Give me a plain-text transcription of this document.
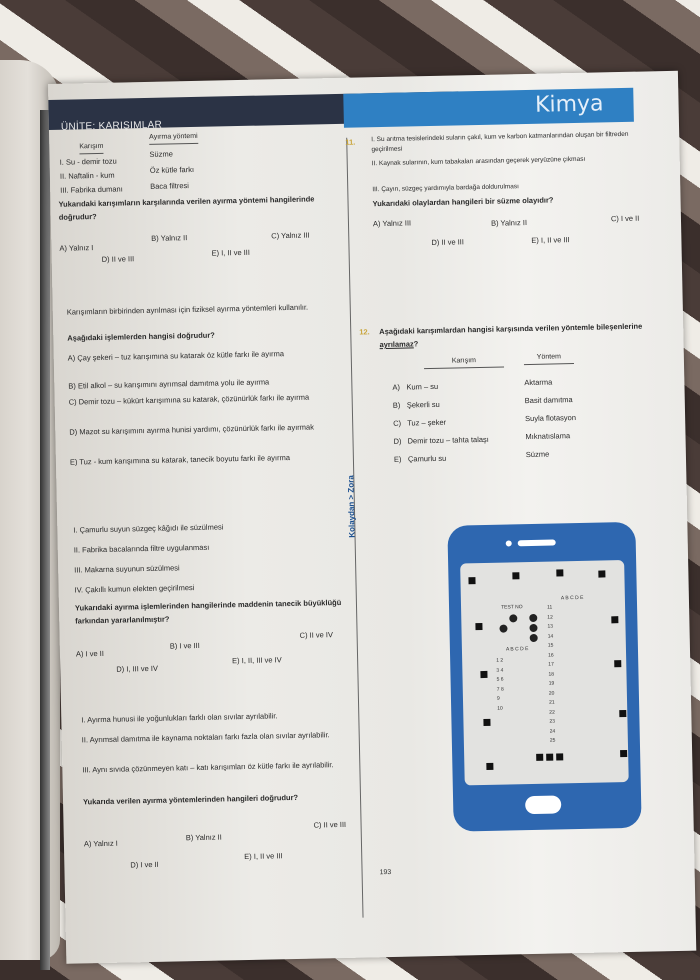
ÜNİTE: KARIŞIMLAR
Kimya
Kolaydan > Zora
Karışım
Ayırma yöntemi
I. Su - demir tozu
Süzme
II. Naftalin - kum
Öz kütle farkı
III. Fabrika dumanı	Baca filtresi
Yukarıdaki karışımların karşılarında verilen ayırma yöntemi hangilerinde doğrudur?
A) Yalnız I
B) Yalnız II	C) Yalnız III
D) II ve III
E) I, II ve III
Karışımların birbirinden ayrılması için fiziksel ayırma yöntemleri kullanılır.
Aşağıdaki işlemlerden hangisi doğrudur?
A) Çay şekeri – tuz karışımına su katarak öz kütle farkı ile ayırma
B) Etil alkol – su karışımını ayrımsal damıtma yolu ile ayırma
C) Demir tozu – kükürt karışımına su katarak, çözünürlük farkı ile ayırma
D) Mazot su karışımını ayırma hunisi yardımı, çözünürlük farkı ile ayırmak
E) Tuz - kum karışımına su katarak, tanecik boyutu farkı ile ayırma
I. Çamurlu suyun süzgeç kâğıdı ile süzülmesi
II. Fabrika bacalarında filtre uygulanması
III. Makarna suyunun süzülmesi
IV. Çakıllı kumun elekten geçirilmesi
Yukarıdaki ayırma işlemlerinden hangilerinde maddenin tanecik büyüklüğü farkından yararlanılmıştır?
A) I ve II
B) I ve III
C) II ve IV
D) I, III ve IV
E) I, II, III ve IV
I. Ayırma hunusi ile yoğunlukları farklı olan sıvılar ayrılabilir.
II. Ayrımsal damıtma ile kaynama noktaları farkı fazla olan sıvılar ayrılabilir.
III. Aynı sıvıda çözünmeyen katı – katı karışımları öz kütle farkı ile ayrılabilir.
Yukarıda verilen ayırma yöntemlerinden hangileri doğrudur?
A) Yalnız I
B) Yalnız II
C) II ve III
D) I ve II
E) I, II ve III
11. I. Su arıtma tesislerindeki suların çakıl, kum ve karbon katmanlarından oluşan bir filtreden geçirilmesi
II. Kaynak sularının, kum tabakaları arasından geçerek yeryüzüne çıkması
III. Çayın, süzgeç yardımıyla bardağa doldurulması
Yukarıdaki olaylardan hangileri bir süzme olayıdır?
A) Yalnız III	B) Yalnız II	C) I ve II
D) II ve III	E) I, II ve III
12. Aşağıdaki karışımlardan hangisi karşısında verilen yöntemle bileşenlerine ayrılamaz?
Karışım
Yöntem
A) Kum – su	Aktarma
B) Şekerli su	Basit damıtma
C) Tuz – şeker	Suyla flotasyon
D) Demir tozu – tahta talaşı	Mıknatıslama
E) Çamurlu su	Süzme
TEST NO
A B C D E
A B C D E
1 2 3 4 5 6 7 8 9 10
11 12 13 14 15 16 17 18 19 20 21 22 23 24 25
193
